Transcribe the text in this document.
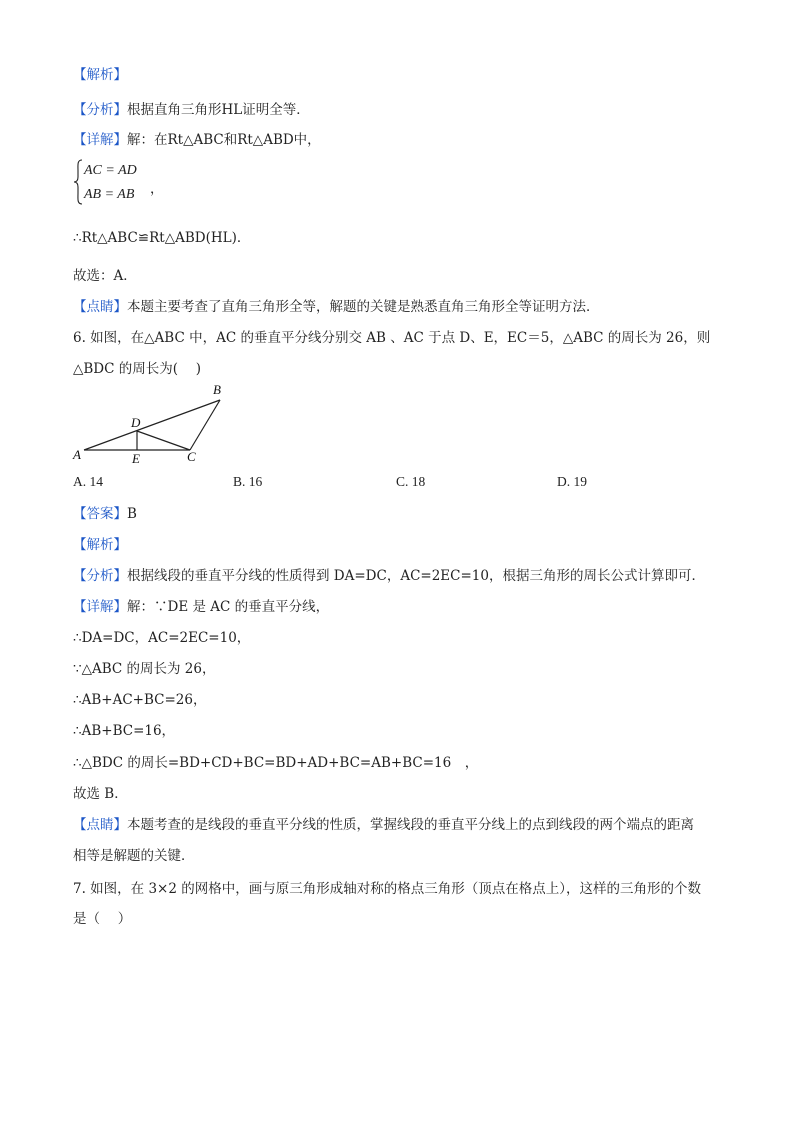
【解析】
【分析】根据直角三角形HL证明全等．
【详解】解：在Rt△ABC和Rt△ABD中，
AC = AD
AB = AB ，
∴Rt△ABC≌Rt△ABD(HL)．
故选：A．
【点睛】本题主要考查了直角三角形全等，解题的关键是熟悉直角三角形全等证明方法．
6. 如图，在△ABC 中，AC 的垂直平分线分别交 AB 、AC 于点 D、E，EC＝5，△ABC 的周长为 26，则
△BDC 的周长为(　 )
A
B
C
D
E
A. 14	B. 16	C. 18	D. 19
【答案】B
【解析】
【分析】根据线段的垂直平分线的性质得到 DA=DC，AC=2EC=10，根据三角形的周长公式计算即可．
【详解】解：∵DE 是 AC 的垂直平分线，
∴DA=DC，AC=2EC=10，
∵△ABC 的周长为 26，
∴AB+AC+BC=26，
∴AB+BC=16，
∴△BDC 的周长=BD+CD+BC=BD+AD+BC=AB+BC=16　，
故选 B．
【点睛】本题考查的是线段的垂直平分线的性质，掌握线段的垂直平分线上的点到线段的两个端点的距离
相等是解题的关键．
7. 如图，在 3×2 的网格中，画与原三角形成轴对称的格点三角形（顶点在格点上），这样的三角形的个数
是（　 ）
